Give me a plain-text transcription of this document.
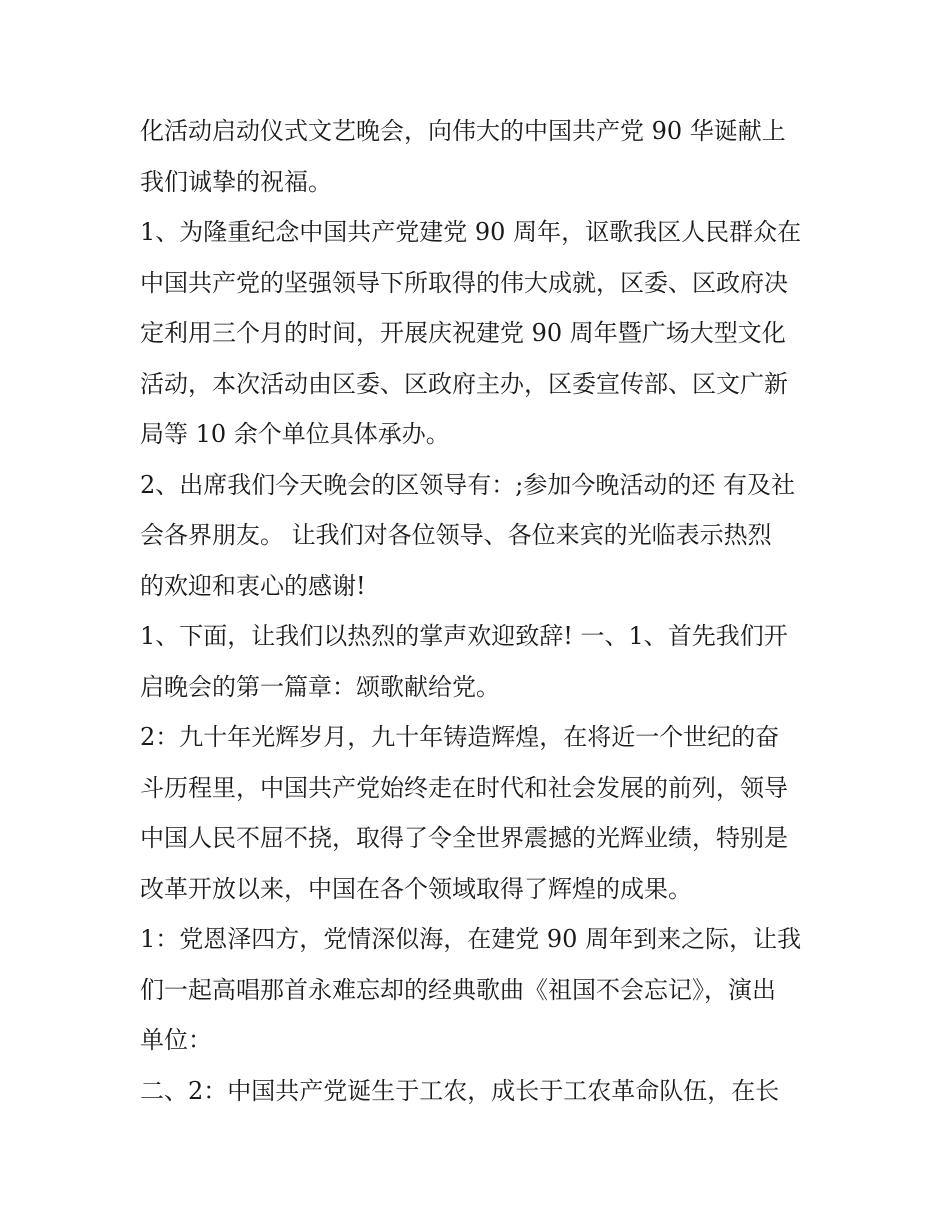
化活动启动仪式文艺晚会，向伟大的中国共产党 90 华诞献上
我们诚挚的祝福。
1、为隆重纪念中国共产党建党 90 周年，讴歌我区人民群众在
中国共产党的坚强领导下所取得的伟大成就，区委、区政府决
定利用三个月的时间，开展庆祝建党 90 周年暨广场大型文化
活动，本次活动由区委、区政府主办，区委宣传部、区文广新
局等 10 余个单位具体承办。
2、出席我们今天晚会的区领导有：;参加今晚活动的还 有及社
会各界朋友。 让我们对各位领导、各位来宾的光临表示热烈
的欢迎和衷心的感谢!
1、下面，让我们以热烈的掌声欢迎致辞! 一、1、首先我们开
启晚会的第一篇章：颂歌献给党。
2：九十年光辉岁月，九十年铸造辉煌，在将近一个世纪的奋
斗历程里，中国共产党始终走在时代和社会发展的前列，领导
中国人民不屈不挠，取得了令全世界震撼的光辉业绩，特别是
改革开放以来，中国在各个领域取得了辉煌的成果。
1：党恩泽四方，党情深似海，在建党 90 周年到来之际，让我
们一起高唱那首永难忘却的经典歌曲《祖国不会忘记》，演出
单位：
二、2：中国共产党诞生于工农，成长于工农革命队伍，在长
